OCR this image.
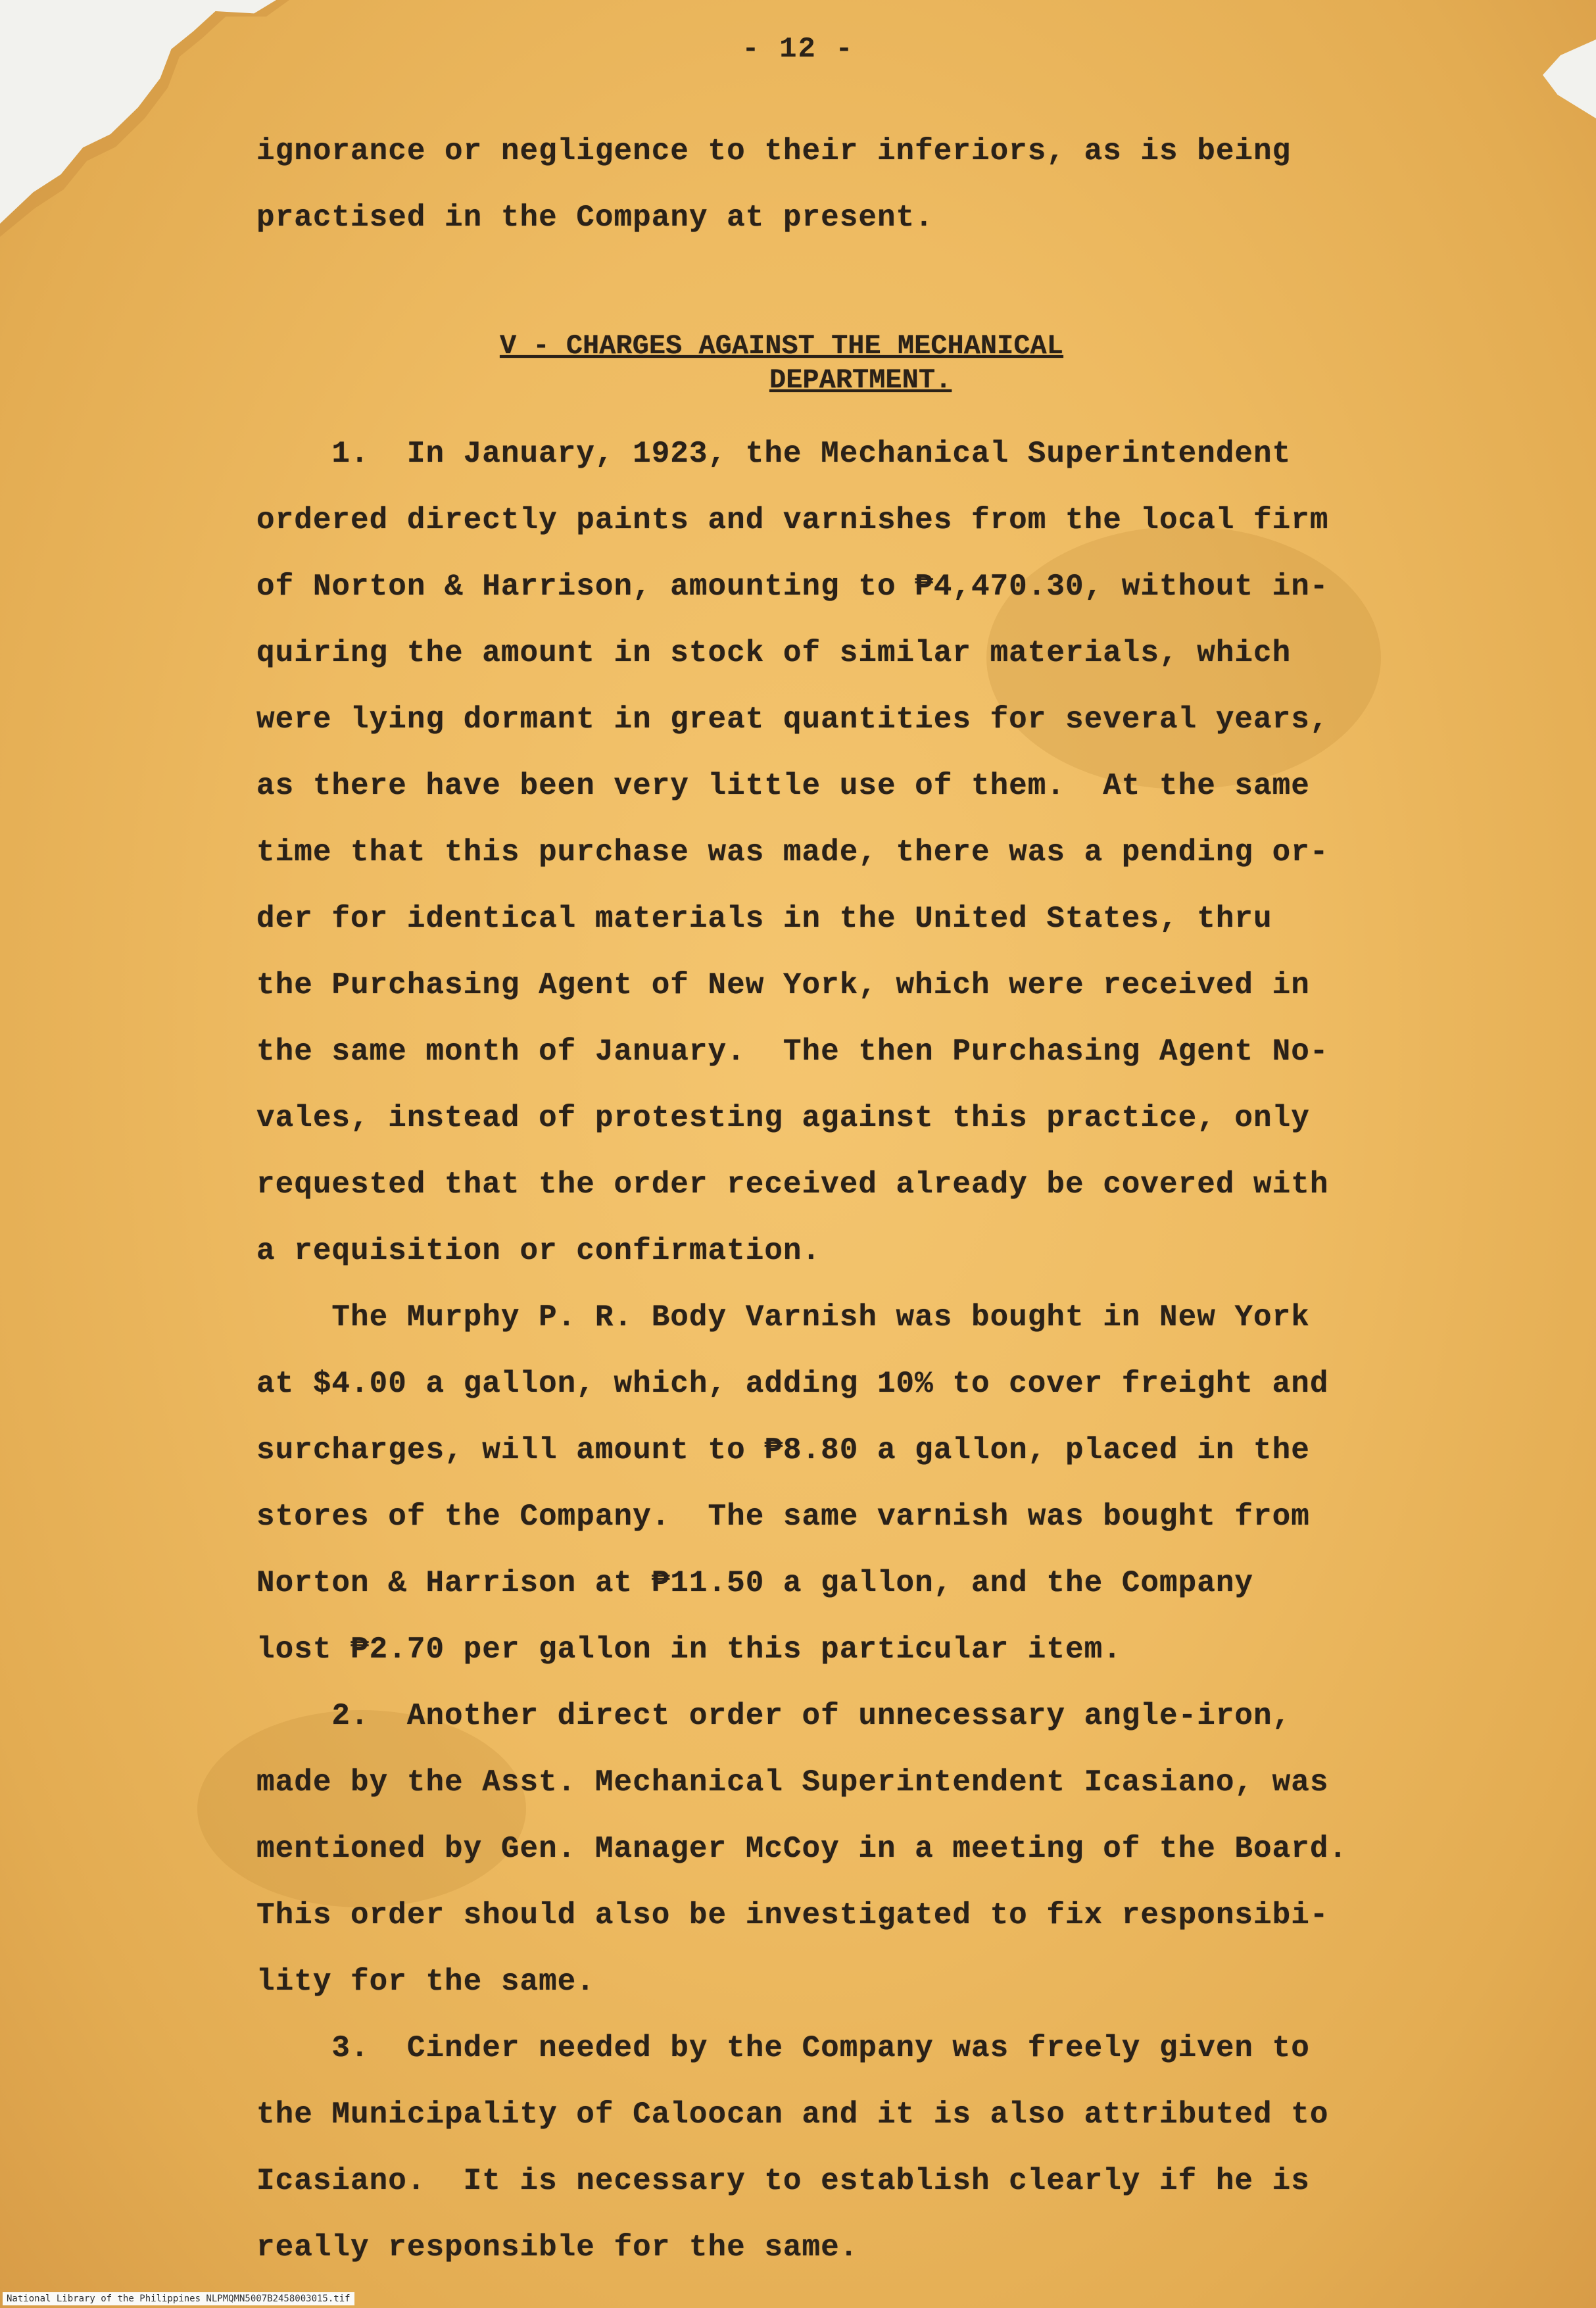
- 12 -
ignorance or negligence to their inferiors, as is being
practised in the Company at present.
V - CHARGES AGAINST THE MECHANICAL
DEPARTMENT.
1.  In January, 1923, the Mechanical Superintendent
ordered directly paints and varnishes from the local firm
of Norton & Harrison, amounting to ₱4,470.30, without in-
quiring the amount in stock of similar materials, which
were lying dormant in great quantities for several years,
as there have been very little use of them.  At the same
time that this purchase was made, there was a pending or-
der for identical materials in the United States, thru
the Purchasing Agent of New York, which were received in
the same month of January.  The then Purchasing Agent No-
vales, instead of protesting against this practice, only
requested that the order received already be covered with
a requisition or confirmation.
The Murphy P. R. Body Varnish was bought in New York
at $4.00 a gallon, which, adding 10% to cover freight and
surcharges, will amount to ₱8.80 a gallon, placed in the
stores of the Company.  The same varnish was bought from
Norton & Harrison at ₱11.50 a gallon, and the Company
lost ₱2.70 per gallon in this particular item.
2.  Another direct order of unnecessary angle-iron,
made by the Asst. Mechanical Superintendent Icasiano, was
mentioned by Gen. Manager McCoy in a meeting of the Board.
This order should also be investigated to fix responsibi-
lity for the same.
3.  Cinder needed by the Company was freely given to
the Municipality of Caloocan and it is also attributed to
Icasiano.  It is necessary to establish clearly if he is
really responsible for the same.
National Library of the Philippines NLPMQMN5007B2458003015.tif
